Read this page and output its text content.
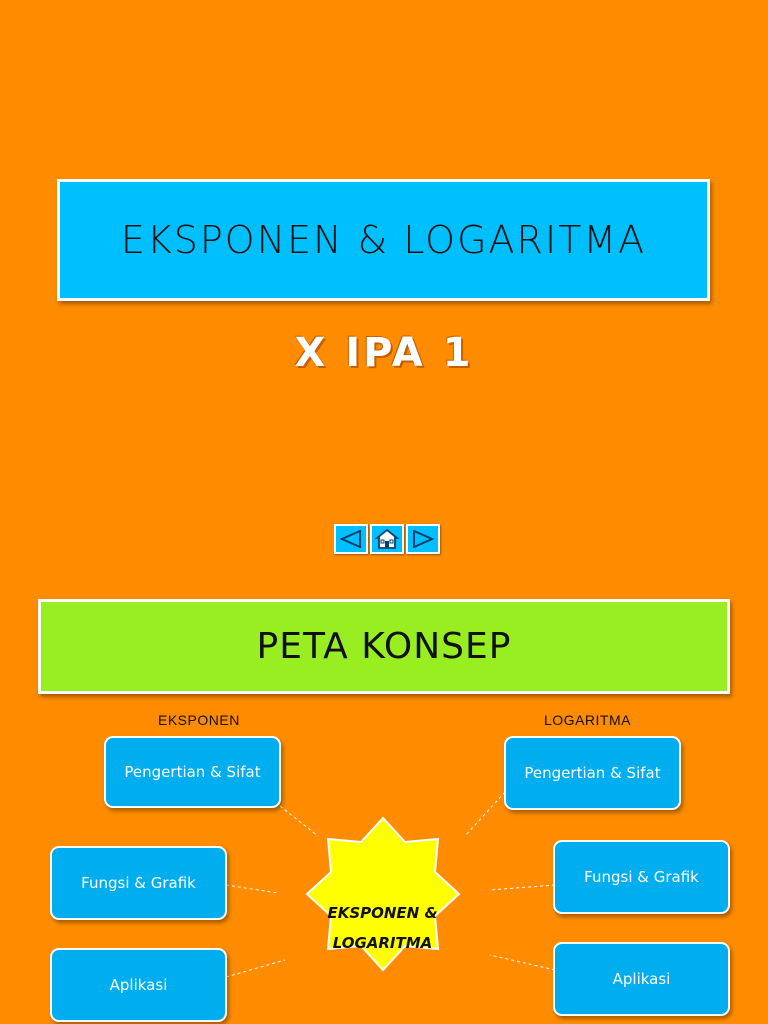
EKSPONEN & LOGARITMA
X IPA 1
PETA KONSEP
EKSPONEN	LOGARITMA
Pengertian & Sifat
Fungsi & Grafik
Aplikasi
Pengertian & Sifat
Fungsi & Grafik
Aplikasi
EKSPONEN & LOGARITMA
